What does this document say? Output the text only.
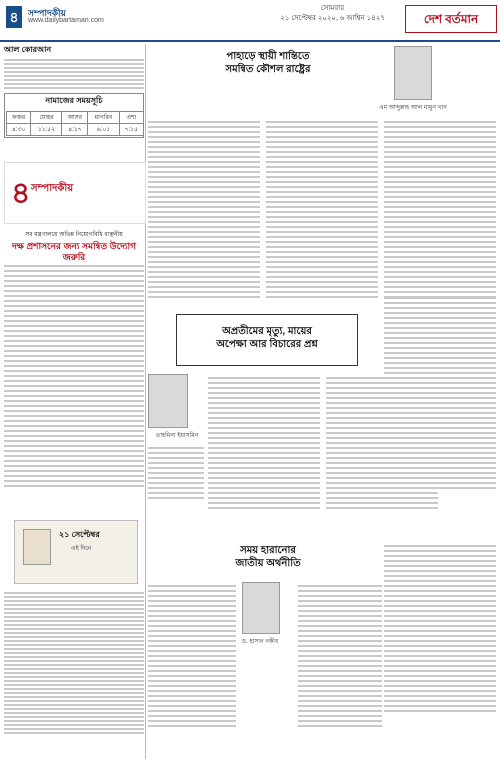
৪	সম্পাদকীয়
www.dailybartaman.com
সোমবার
২১ সেপ্টেম্বর ২০২০, ৬ আশ্বিন ১৪২৭	দেশ বর্তমান
আল কোরআন
নামাজের সময়সূচি
ফজর	যোহর	আসর	মাগরিব	এশা
৪:৩০	১১:৫২	৪:১৭	৬:০১	৭:১৫
৪ সম্পাদকীয়
সব মন্ত্রণালয়ে অভিন্ন নিয়োগবিধি বাঞ্ছনীয়
দক্ষ প্রশাসনের জন্য সমন্বিত উদ্যোগ জরুরি
২১ সেপ্টেম্বর
এই দিনে
পাহাড়ে স্থায়ী শান্তিতে
সমন্বিত কৌশল রাষ্ট্রের
এম আব্দুল্লাহ আল মামুন খান
অপ্রতীমের মৃত্যু, মায়ের
অপেক্ষা আর বিচারের প্রশ্ন
তাহমিনা ইয়াসমিন
সময় হারানোর
জাতীয় অর্থনীতি
ড. হাসান নকীব
